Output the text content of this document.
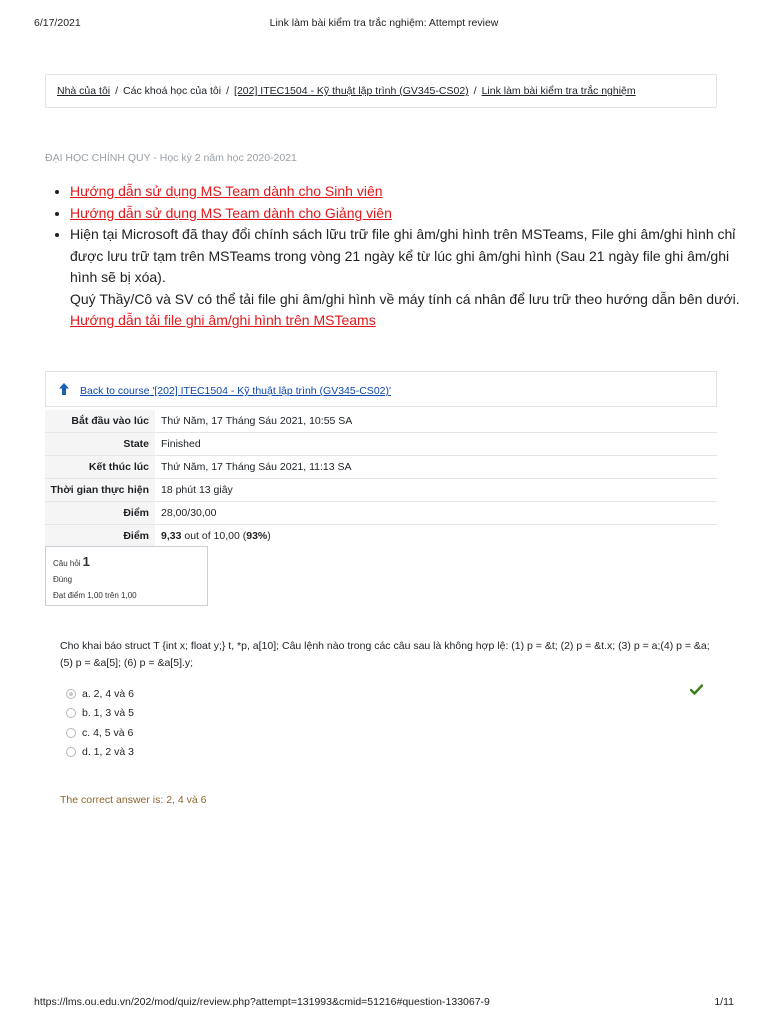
6/17/2021	Link làm bài kiểm tra trắc nghiệm: Attempt review
Nhà của tôi / Các khoá học của tôi / [202] ITEC1504 - Kỹ thuật lập trình (GV345-CS02) / Link làm bài kiểm tra trắc nghiệm
ĐẠI HỌC CHÍNH QUY - Học kỳ 2 năm học 2020-2021
• Hướng dẫn sử dụng MS Team dành cho Sinh viên
• Hướng dẫn sử dụng MS Team dành cho Giảng viên

• Hiện tại Microsoft đã thay đổi chính sách lữu trữ file ghi âm/ghi hình trên MSTeams, File ghi âm/ghi hình chỉ được lưu trữ tạm trên MSTeams trong vòng 21 ngày kể từ lúc ghi âm/ghi hình (Sau 21 ngày file ghi âm/ghi hình sẽ bị xóa).

Quý Thầy/Cô và SV có thể tải file ghi âm/ghi hình về máy tính cá nhân để lưu trữ theo hướng dẫn bên dưới.

Hướng dẫn tải file ghi âm/ghi hình trên MSTeams
Back to course '[202] ITEC1504 - Kỹ thuật lập trình (GV345-CS02)'
Bắt đầu vào lúc	Thứ Năm, 17 Tháng Sáu 2021, 10:55 SA
State	Finished
Kết thúc lúc	Thứ Năm, 17 Tháng Sáu 2021, 11:13 SA
Thời gian thực hiện	18 phút 13 giây
Điểm	28,00/30,00
Điểm	9,33 out of 10,00 (93%)
Câu hỏi 1
Đúng
Đạt điểm 1,00 trên 1,00
Cho khai báo struct T {int x; float y;} t, *p, a[10]; Câu lệnh nào trong các câu sau là không hợp lệ: (1) p = &t; (2) p = &t.x; (3) p = a;(4) p = &a; (5) p = &a[5]; (6) p = &a[5].y;
a. 2, 4 và 6
b. 1, 3 và 5
c. 4, 5 và 6
d. 1, 2 và 3
The correct answer is: 2, 4 và 6
https://lms.ou.edu.vn/202/mod/quiz/review.php?attempt=131993&cmid=51216#question-133067-9	1/11
